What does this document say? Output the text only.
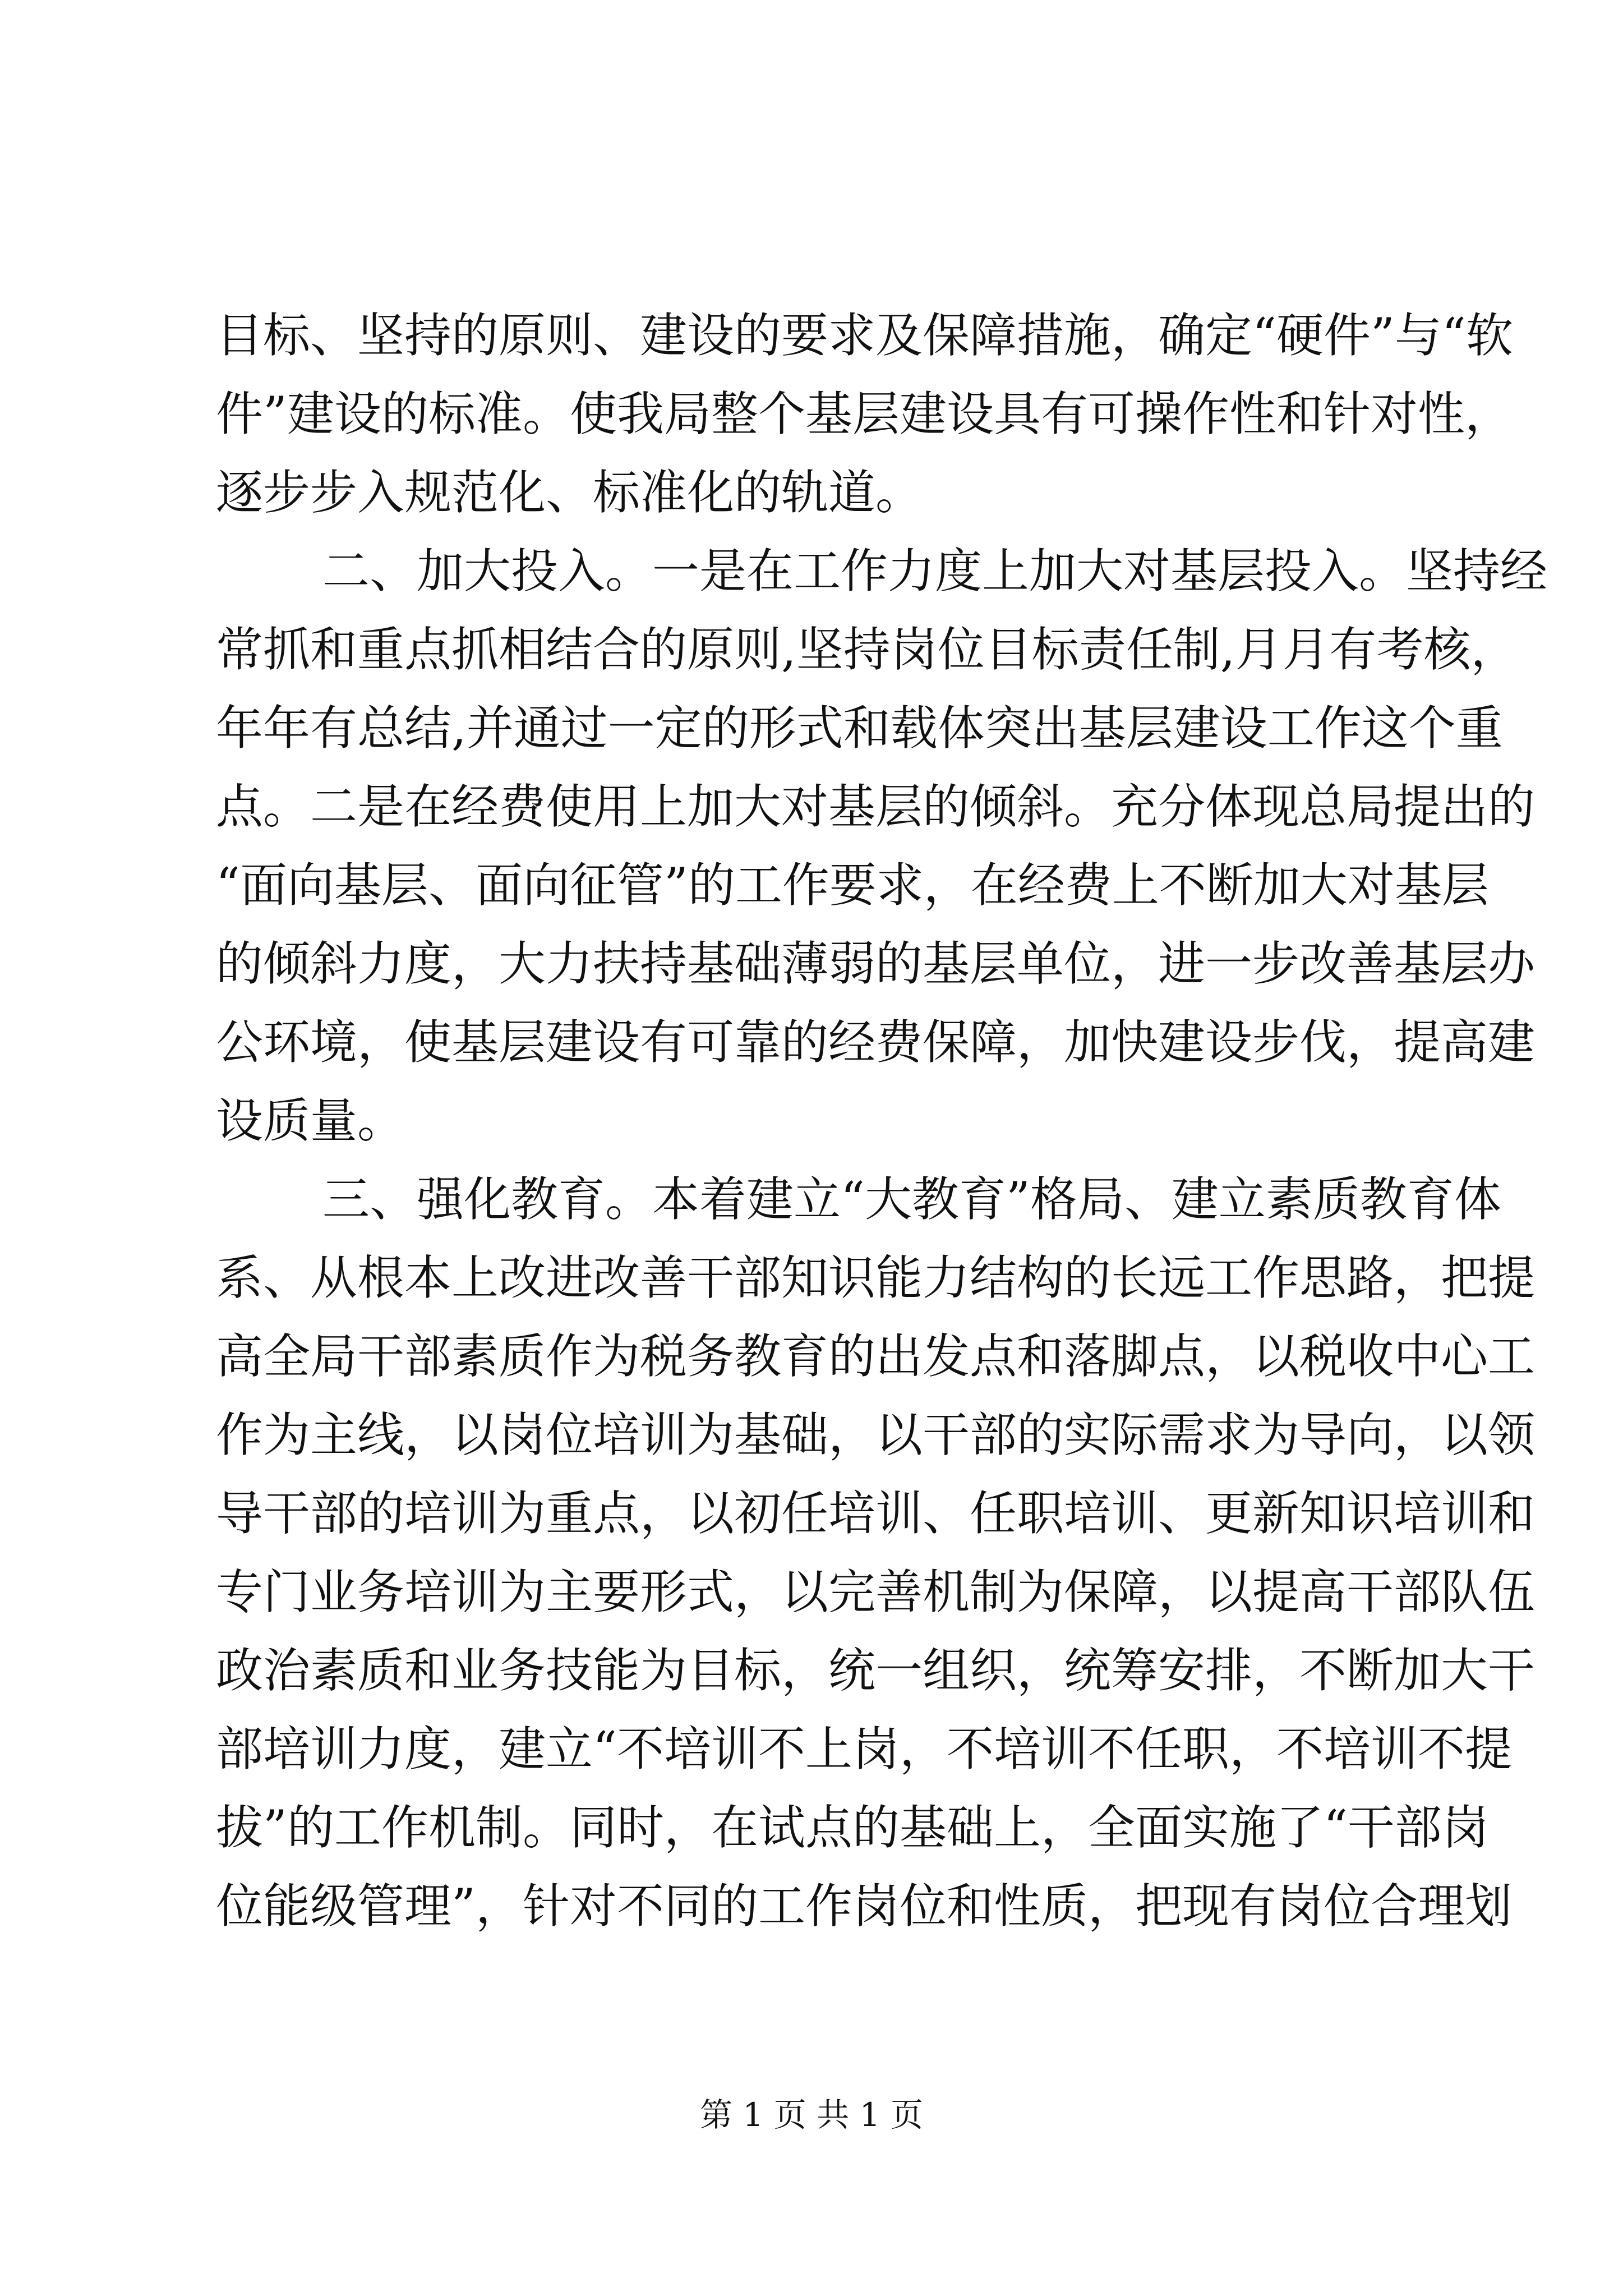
目标、坚持的原则、建设的要求及保障措施，确定“硬件”与“软
件”建设的标准。使我局整个基层建设具有可操作性和针对性，
逐步步入规范化、标准化的轨道。
二、加大投入。一是在工作力度上加大对基层投入。坚持经
常抓和重点抓相结合的原则,坚持岗位目标责任制,月月有考核，
年年有总结,并通过一定的形式和载体突出基层建设工作这个重
点。二是在经费使用上加大对基层的倾斜。充分体现总局提出的
“面向基层、面向征管”的工作要求，在经费上不断加大对基层
的倾斜力度，大力扶持基础薄弱的基层单位，进一步改善基层办
公环境，使基层建设有可靠的经费保障，加快建设步伐，提高建
设质量。
三、强化教育。本着建立“大教育”格局、建立素质教育体
系、从根本上改进改善干部知识能力结构的长远工作思路，把提
高全局干部素质作为税务教育的出发点和落脚点，以税收中心工
作为主线，以岗位培训为基础，以干部的实际需求为导向，以领
导干部的培训为重点，以初任培训、任职培训、更新知识培训和
专门业务培训为主要形式，以完善机制为保障，以提高干部队伍
政治素质和业务技能为目标，统一组织，统筹安排，不断加大干
部培训力度，建立“不培训不上岗，不培训不任职，不培训不提
拔”的工作机制。同时，在试点的基础上，全面实施了“干部岗
位能级管理”，针对不同的工作岗位和性质，把现有岗位合理划
第 1 页 共 1 页
